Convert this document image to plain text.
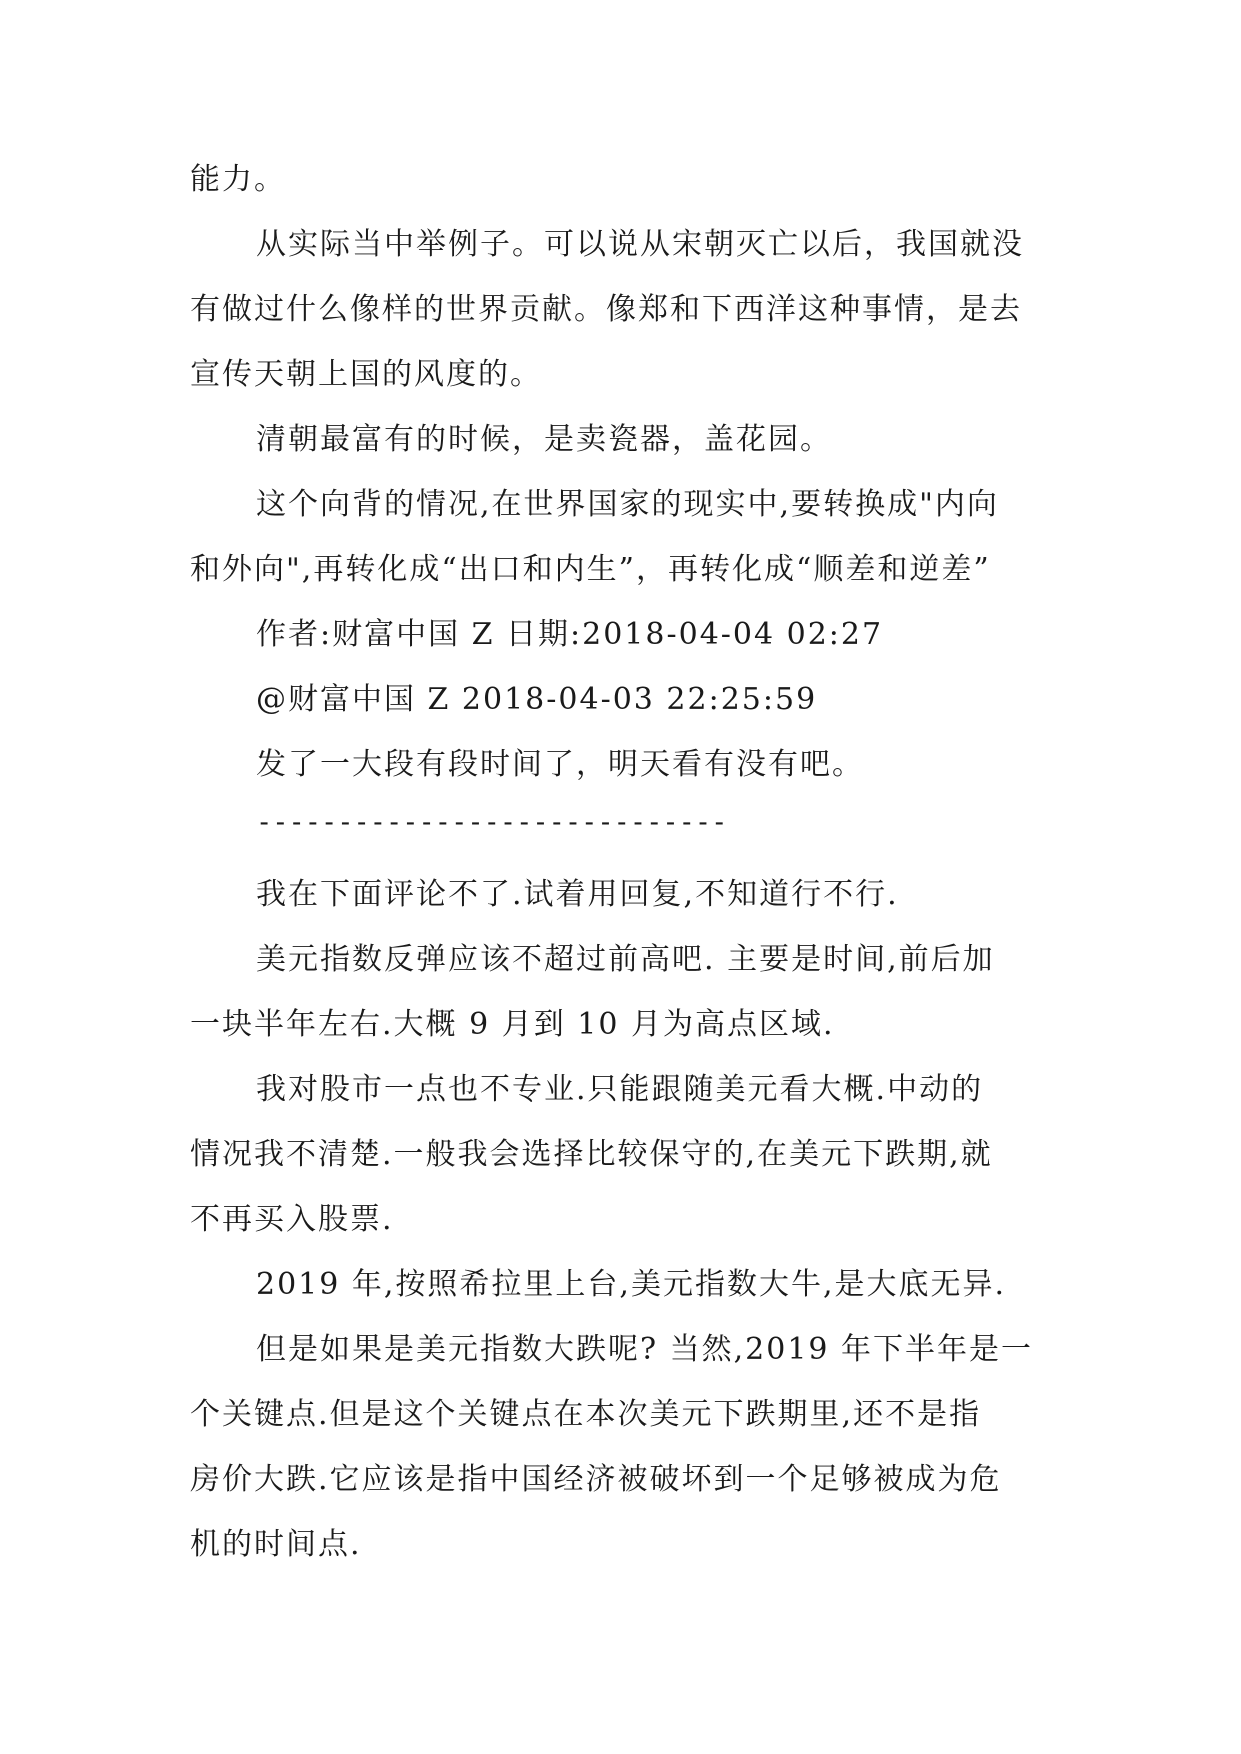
能力。
从实际当中举例子。可以说从宋朝灭亡以后，我国就没
有做过什么像样的世界贡献。像郑和下西洋这种事情，是去
宣传天朝上国的风度的。
清朝最富有的时候，是卖瓷器，盖花园。
这个向背的情况,在世界国家的现实中,要转换成"内向
和外向",再转化成“出口和内生”，再转化成“顺差和逆差”
作者:财富中国 Z 日期:2018-04-04 02:27
@财富中国 Z 2018-04-03 22:25:59
发了一大段有段时间了，明天看有没有吧。
-----------------------------
我在下面评论不了.试着用回复,不知道行不行.
美元指数反弹应该不超过前高吧. 主要是时间,前后加
一块半年左右.大概 9 月到 10 月为高点区域.
我对股市一点也不专业.只能跟随美元看大概.中动的
情况我不清楚.一般我会选择比较保守的,在美元下跌期,就
不再买入股票.
2019 年,按照希拉里上台,美元指数大牛,是大底无异.
但是如果是美元指数大跌呢? 当然,2019 年下半年是一
个关键点.但是这个关键点在本次美元下跌期里,还不是指
房价大跌.它应该是指中国经济被破坏到一个足够被成为危
机的时间点.
